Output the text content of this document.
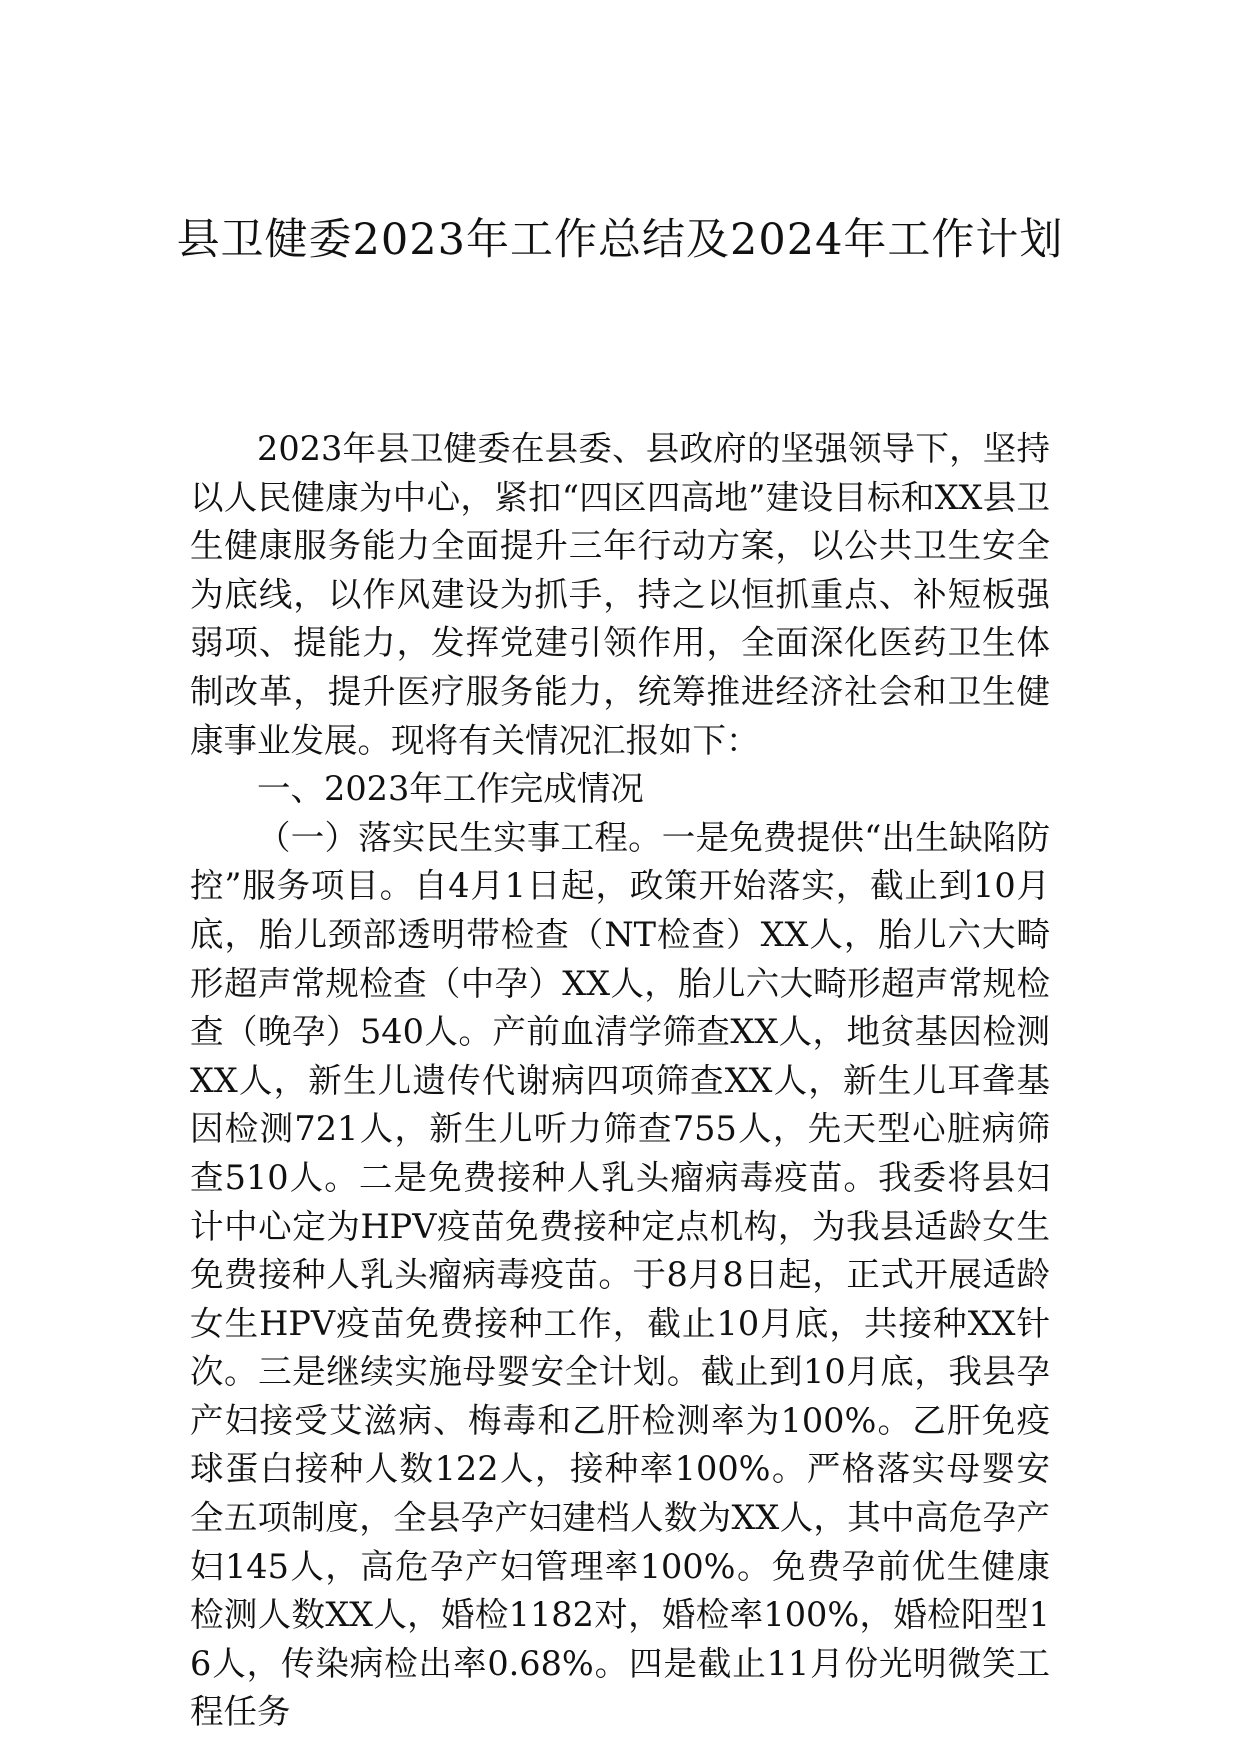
县卫健委2023年工作总结及2024年工作计划

2023年县卫健委在县委、县政府的坚强领导下，坚持以人民健康为中心，紧扣“四区四高地”建设目标和XX县卫生健康服务能力全面提升三年行动方案，以公共卫生安全为底线，以作风建设为抓手，持之以恒抓重点、补短板强弱项、提能力，发挥党建引领作用，全面深化医药卫生体制改革，提升医疗服务能力，统筹推进经济社会和卫生健康事业发展。现将有关情况汇报如下：

一、2023年工作完成情况

（一）落实民生实事工程。一是免费提供“出生缺陷防控”服务项目。自4月1日起，政策开始落实，截止到10月底，胎儿颈部透明带检查（NT检查）XX人，胎儿六大畸形超声常规检查（中孕）XX人，胎儿六大畸形超声常规检查（晚孕）540人。产前血清学筛查XX人，地贫基因检测XX人，新生儿遗传代谢病四项筛查XX人，新生儿耳聋基因检测721人，新生儿听力筛查755人，先天型心脏病筛查510人。二是免费接种人乳头瘤病毒疫苗。我委将县妇计中心定为HPV疫苗免费接种定点机构，为我县适龄女生免费接种人乳头瘤病毒疫苗。于8月8日起，正式开展适龄女生HPV疫苗免费接种工作，截止10月底，共接种XX针次。三是继续实施母婴安全计划。截止到10月底，我县孕产妇接受艾滋病、梅毒和乙肝检测率为100%。乙肝免疫球蛋白接种人数122人，接种率100%。严格落实母婴安全五项制度，全县孕产妇建档人数为XX人，其中高危孕产妇145人，高危孕产妇管理率100%。免费孕前优生健康检测人数XX人，婚检1182对，婚检率100%，婚检阳型16人，传染病检出率0.68%。四是截止11月份光明微笑工程任务
